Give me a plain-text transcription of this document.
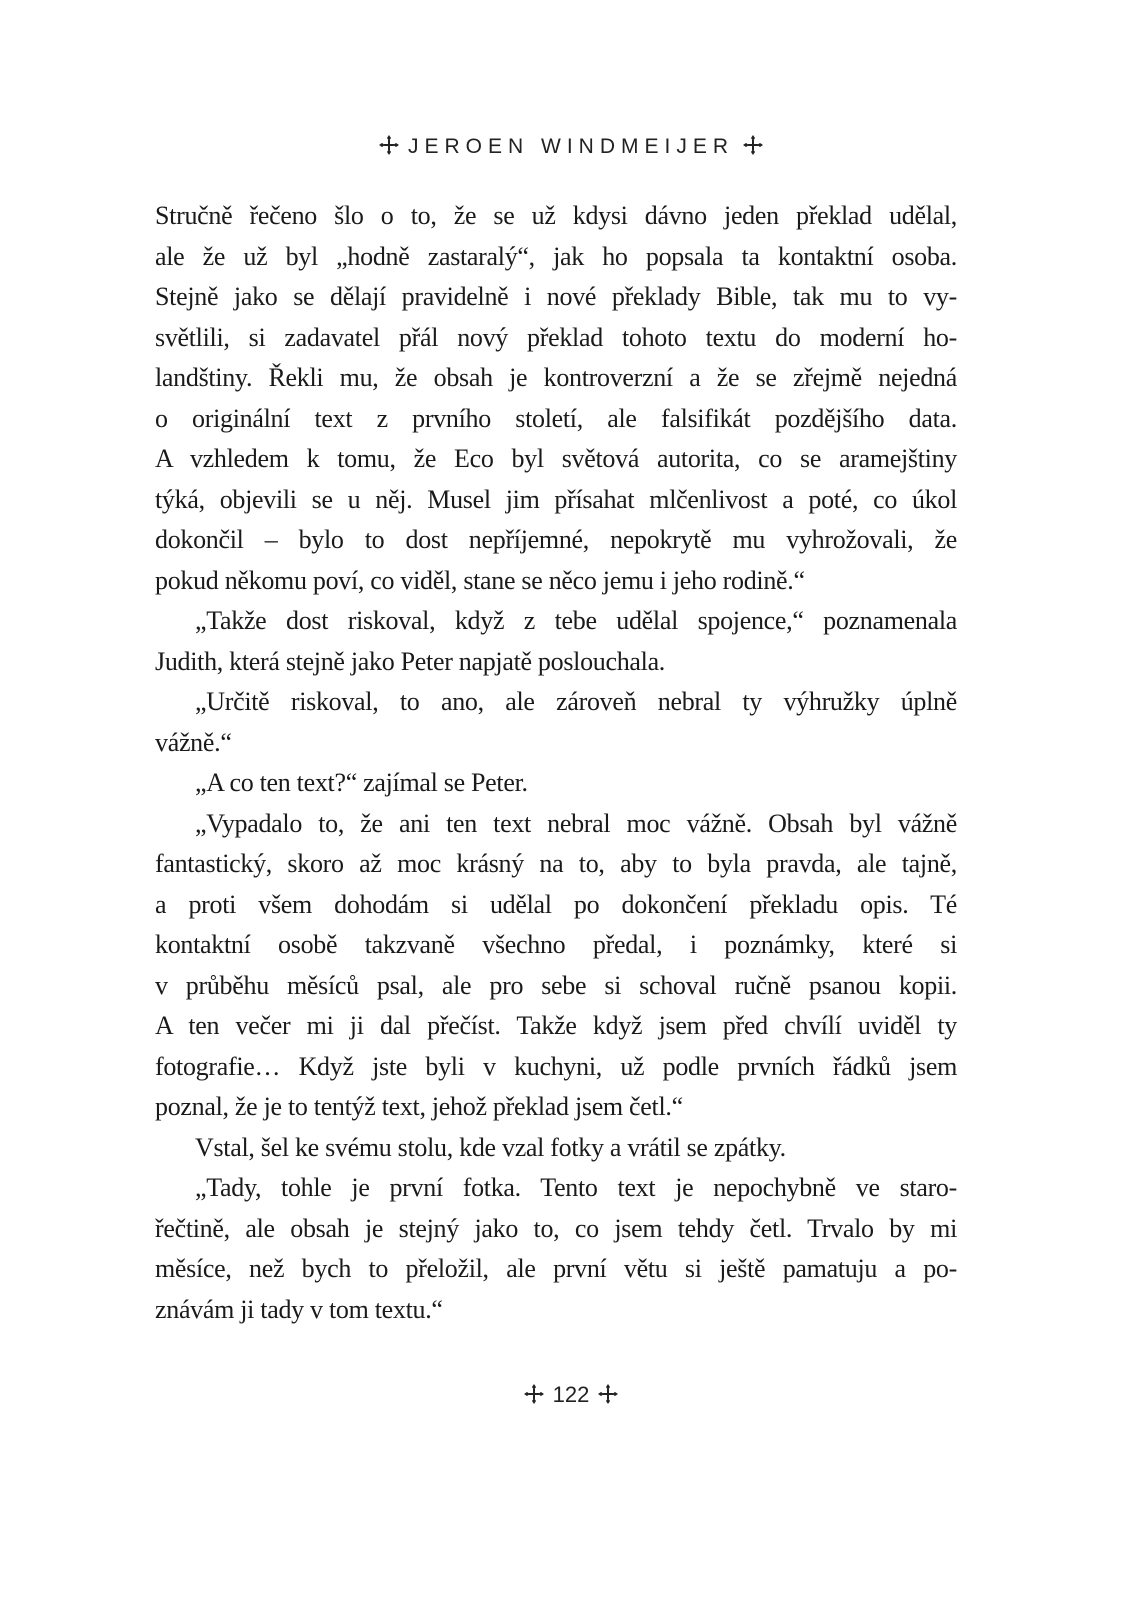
JEROEN WINDMEIJER
Stručně řečeno šlo o to, že se už kdysi dávno jeden překlad udělal,
ale že už byl „hodně zastaralý“, jak ho popsala ta kontaktní osoba.
Stejně jako se dělají pravidelně i nové překlady Bible, tak mu to vy-
světlili, si zadavatel přál nový překlad tohoto textu do moderní ho-
landštiny. Řekli mu, že obsah je kontroverzní a že se zřejmě nejedná
o originální text z prvního století, ale falsifikát pozdějšího data.
A vzhledem k tomu, že Eco byl světová autorita, co se aramejštiny
týká, objevili se u něj. Musel jim přísahat mlčenlivost a poté, co úkol
dokončil – bylo to dost nepříjemné, nepokrytě mu vyhrožovali, že
pokud někomu poví, co viděl, stane se něco jemu i jeho rodině.“
„Takže dost riskoval, když z tebe udělal spojence,“ poznamenala
Judith, která stejně jako Peter napjatě poslouchala.
„Určitě riskoval, to ano, ale zároveň nebral ty výhružky úplně
vážně.“
„A co ten text?“ zajímal se Peter.
„Vypadalo to, že ani ten text nebral moc vážně. Obsah byl vážně
fantastický, skoro až moc krásný na to, aby to byla pravda, ale tajně,
a proti všem dohodám si udělal po dokončení překladu opis. Té
kontaktní osobě takzvaně všechno předal, i poznámky, které si
v průběhu měsíců psal, ale pro sebe si schoval ručně psanou kopii.
A ten večer mi ji dal přečíst. Takže když jsem před chvílí uviděl ty
fotografie… Když jste byli v kuchyni, už podle prvních řádků jsem
poznal, že je to tentýž text, jehož překlad jsem četl.“
Vstal, šel ke svému stolu, kde vzal fotky a vrátil se zpátky.
„Tady, tohle je první fotka. Tento text je nepochybně ve staro-
řečtině, ale obsah je stejný jako to, co jsem tehdy četl. Trvalo by mi
měsíce, než bych to přeložil, ale první větu si ještě pamatuju a po-
znávám ji tady v tom textu.“
122
